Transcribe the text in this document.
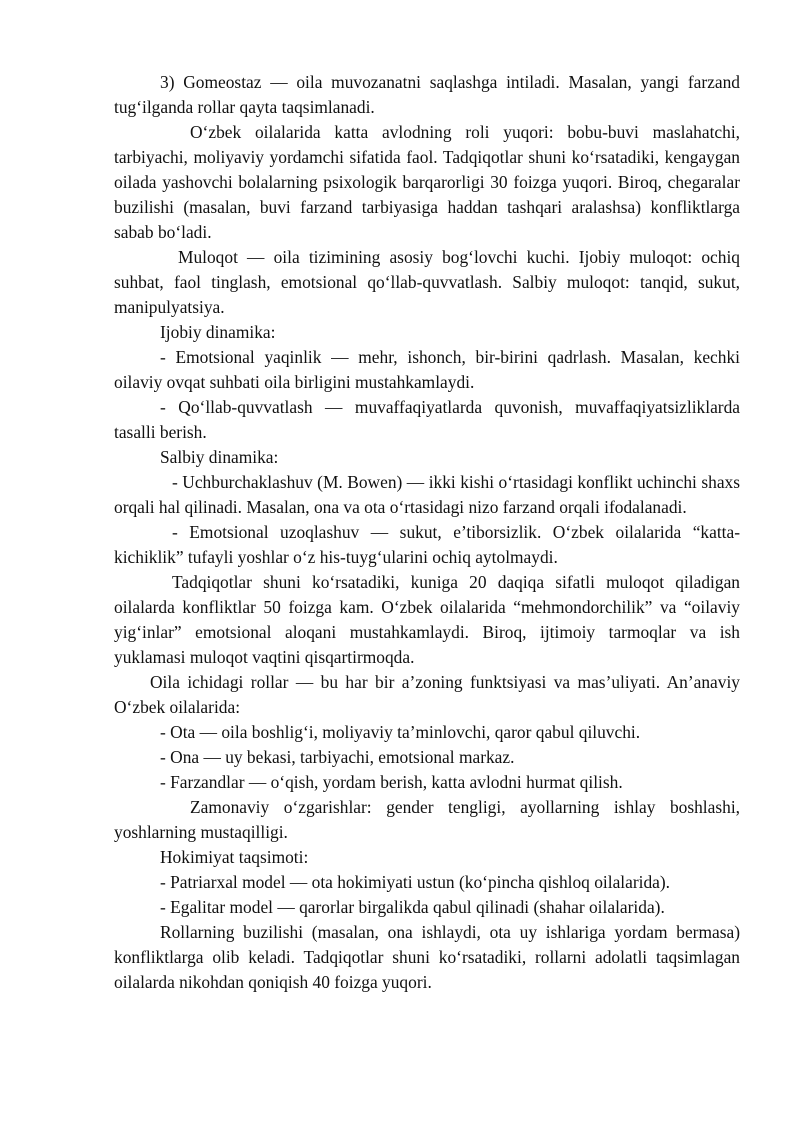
3) Gomeostaz — oila muvozanatni saqlashga intiladi. Masalan, yangi farzand tug‘ilganda rollar qayta taqsimlanadi.

O‘zbek oilalarida katta avlodning roli yuqori: bobu-buvi maslahatchi, tarbiyachi, moliyaviy yordamchi sifatida faol. Tadqiqotlar shuni ko‘rsatadiki, kengaygan oilada yashovchi bolalarning psixologik barqarorligi 30 foizga yuqori. Biroq, chegaralar buzilishi (masalan, buvi farzand tarbiyasiga haddan tashqari aralashsa) konfliktlarga sabab bo‘ladi.

Muloqot — oila tizimining asosiy bog‘lovchi kuchi. Ijobiy muloqot: ochiq suhbat, faol tinglash, emotsional qo‘llab-quvvatlash. Salbiy muloqot: tanqid, sukut, manipulyatsiya.

Ijobiy dinamika:

- Emotsional yaqinlik — mehr, ishonch, bir-birini qadrlash. Masalan, kechki oilaviy ovqat suhbati oila birligini mustahkamlaydi.

- Qo‘llab-quvvatlash — muvaffaqiyatlarda quvonish, muvaffaqiyatsizliklarda tasalli berish.

Salbiy dinamika:

- Uchburchaklashuv (M. Bowen) — ikki kishi o‘rtasidagi konflikt uchinchi shaxs orqali hal qilinadi. Masalan, ona va ota o‘rtasidagi nizo farzand orqali ifodalanadi.

- Emotsional uzoqlashuv — sukut, e’tiborsizlik. O‘zbek oilalarida “katta-kichiklik” tufayli yoshlar o‘z his-tuyg‘ularini ochiq aytolmaydi.

Tadqiqotlar shuni ko‘rsatadiki, kuniga 20 daqiqa sifatli muloqot qiladigan oilalarda konfliktlar 50 foizga kam. O‘zbek oilalarida “mehmondorchilik” va “oilaviy yig‘inlar” emotsional aloqani mustahkamlaydi. Biroq, ijtimoiy tarmoqlar va ish yuklamasi muloqot vaqtini qisqartirmoqda.

Oila ichidagi rollar — bu har bir a’zoning funktsiyasi va mas’uliyati. An’anaviy O‘zbek oilalarida:

- Ota — oila boshlig‘i, moliyaviy ta’minlovchi, qaror qabul qiluvchi.

- Ona — uy bekasi, tarbiyachi, emotsional markaz.

- Farzandlar — o‘qish, yordam berish, katta avlodni hurmat qilish.

Zamonaviy o‘zgarishlar: gender tengligi, ayollarning ishlay boshlashi, yoshlarning mustaqilligi.

Hokimiyat taqsimoti:

- Patriarxal model — ota hokimiyati ustun (ko‘pincha qishloq oilalarida).

- Egalitar model — qarorlar birgalikda qabul qilinadi (shahar oilalarida).

Rollarning buzilishi (masalan, ona ishlaydi, ota uy ishlariga yordam bermasa) konfliktlarga olib keladi. Tadqiqotlar shuni ko‘rsatadiki, rollarni adolatli taqsimlagan oilalarda nikohdan qoniqish 40 foizga yuqori.
